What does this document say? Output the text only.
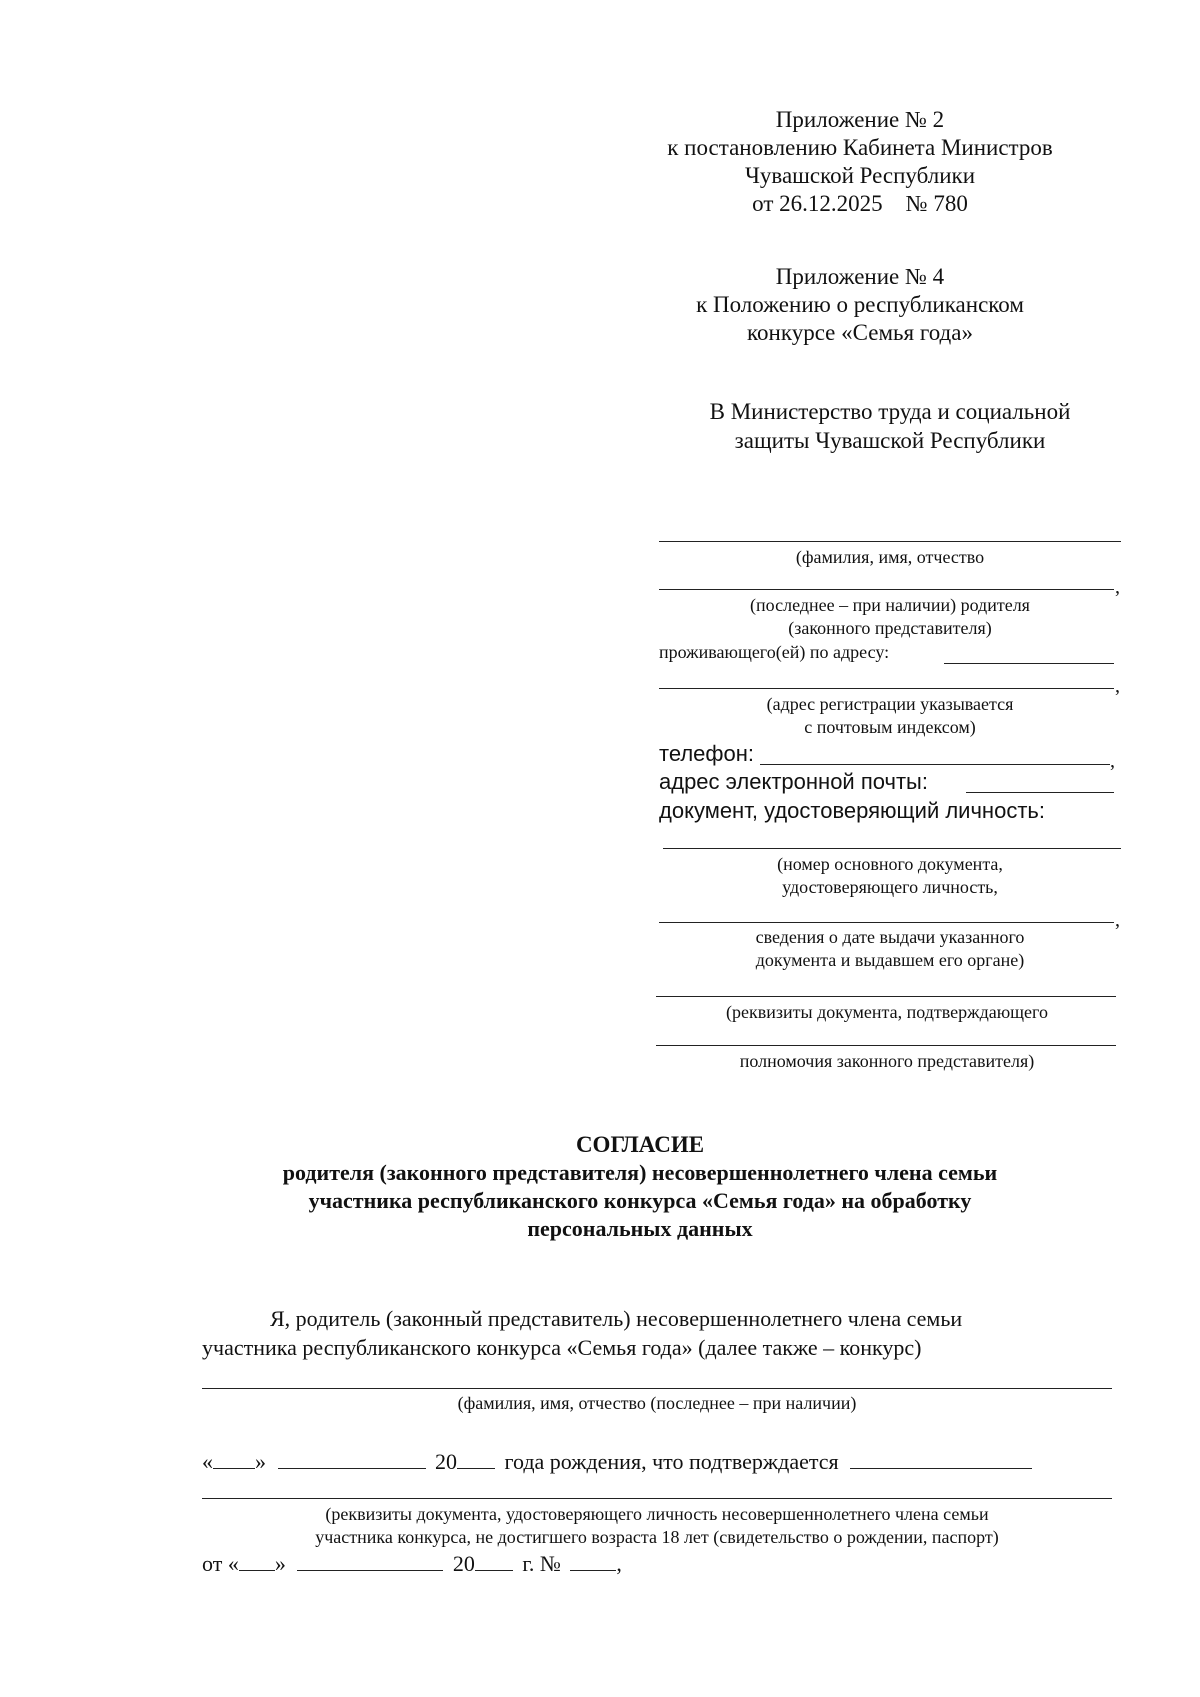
Приложение № 2
к постановлению Кабинета Министров
Чувашской Республики
от 26.12.2025    № 780
Приложение № 4
к Положению о республиканском
конкурсе «Семья года»
В Министерство труда и социальной
защиты Чувашской Республики
(фамилия, имя, отчество
,
(последнее – при наличии) родителя
(законного представителя)
проживающего(ей) по адресу:
,
(адрес регистрации указывается
с почтовым индексом)
телефон:	,
адрес электронной почты:
документ, удостоверяющий личность:
(номер основного документа,
удостоверяющего личность,
,
сведения о дате выдачи указанного
документа и выдавшем его органе)
(реквизиты документа, подтверждающего
полномочия законного представителя)
СОГЛАСИЕ
родителя (законного представителя) несовершеннолетнего члена семьи
участника республиканского конкурса «Семья года» на обработку
персональных данных
Я, родитель (законный представитель) несовершеннолетнего члена семьи
участника республиканского конкурса «Семья года» (далее также – конкурс)
(фамилия, имя, отчество (последнее – при наличии)
« »	20 года рождения, что подтверждается
(реквизиты документа, удостоверяющего личность несовершеннолетнего члена семьи
участника конкурса, не достигшего возраста 18 лет (свидетельство о рождении, паспорт)
от « »	20 г. №	,
